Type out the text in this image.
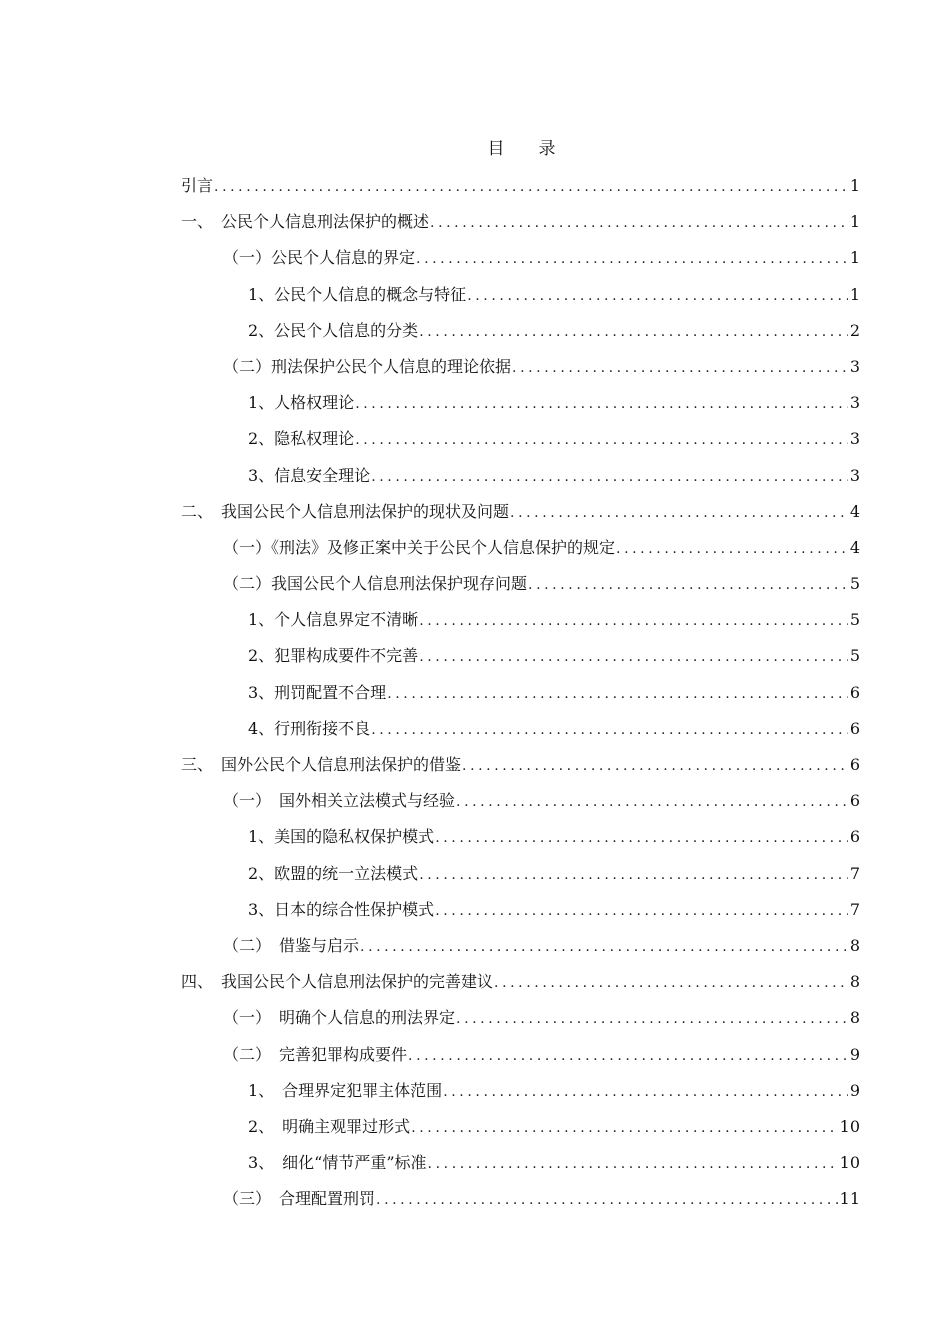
目　　录
引言 .....	1
一、　公民个人信息刑法保护的概述 .....	1
（一）公民个人信息的界定 .....	1
1、公民个人信息的概念与特征 .....	1
2、公民个人信息的分类 .....	2
（二）刑法保护公民个人信息的理论依据 .....	3
1、人格权理论 .....	3
2、隐私权理论 .....	3
3、信息安全理论 .....	3
二、　我国公民个人信息刑法保护的现状及问题 .....	4
（一）《刑法》及修正案中关于公民个人信息保护的规定 .....	4
（二）我国公民个人信息刑法保护现存问题 .....	5
1、个人信息界定不清晰 .....	5
2、犯罪构成要件不完善 .....	5
3、刑罚配置不合理 .....	6
4、行刑衔接不良 .....	6
三、　国外公民个人信息刑法保护的借鉴 .....	6
（一）　国外相关立法模式与经验 .....	6
1、美国的隐私权保护模式 .....	6
2、欧盟的统一立法模式 .....	7
3、日本的综合性保护模式 .....	7
（二）　借鉴与启示 .....	8
四、　我国公民个人信息刑法保护的完善建议 .....	8
（一）　明确个人信息的刑法界定 .....	8
（二）　完善犯罪构成要件 .....	9
1、　合理界定犯罪主体范围 .....	9
2、　明确主观罪过形式 .....	10
3、　细化“情节严重”标准 .....	10
（三）　合理配置刑罚 .....	11
